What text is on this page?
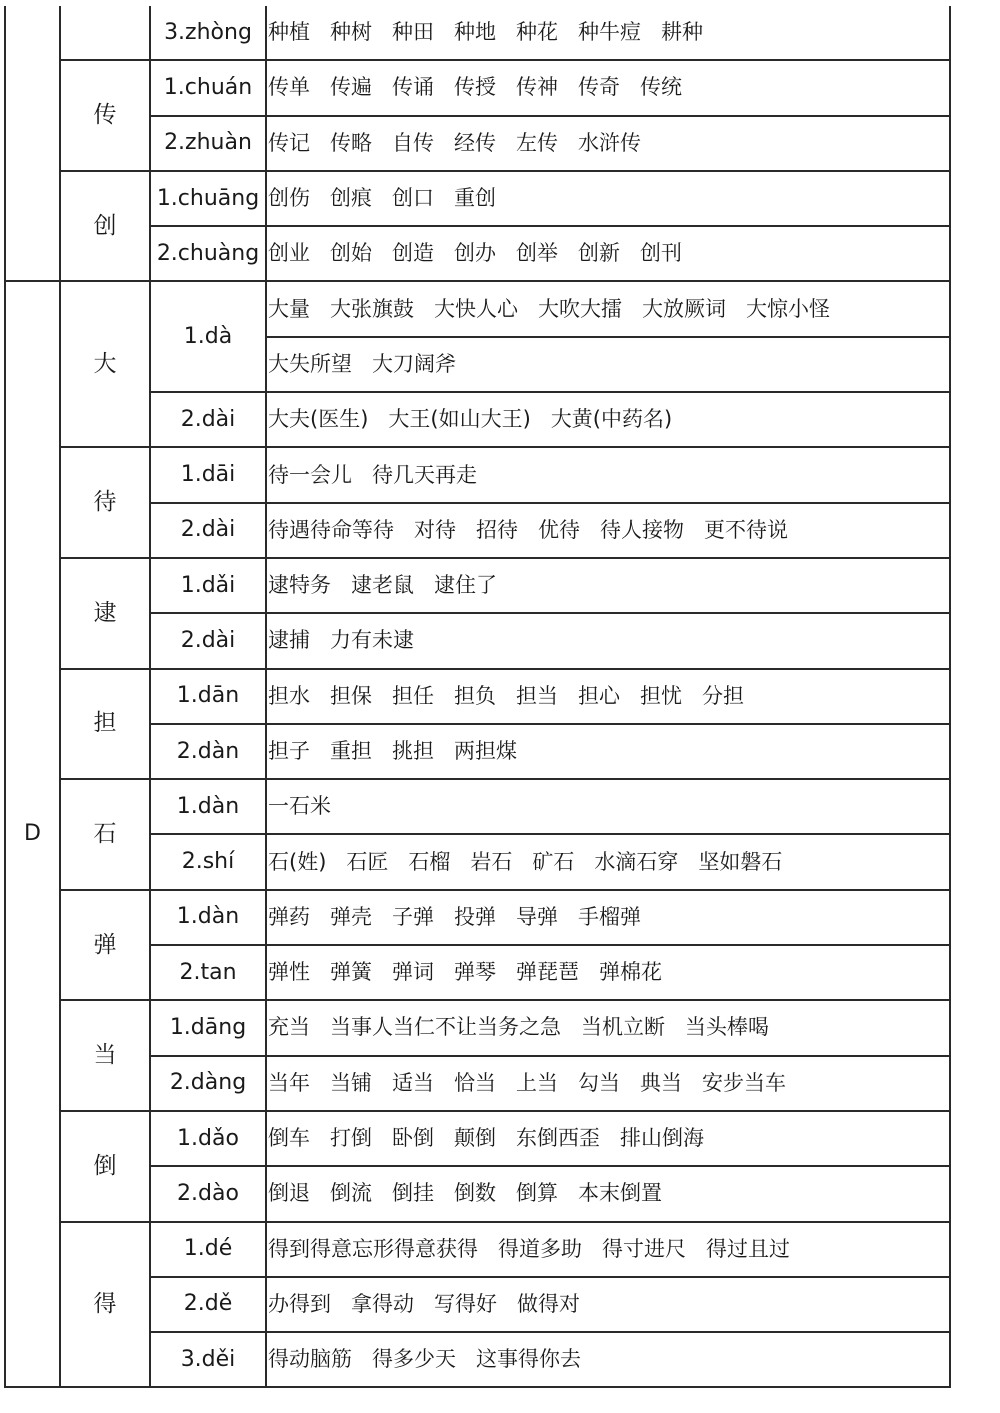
		3.zhòng	种植 种树 种田 种地 种花 种牛痘 耕种
	传	1.chuán	传单 传遍 传诵 传授 传神 传奇 传统
		2.zhuàn	传记 传略 自传 经传 左传 水浒传
	创	1.chuāng	创伤 创痕 创口 重创
		2.chuàng	创业 创始 创造 创办 创举 创新 创刊
D	大	1.dà	大量 大张旗鼓 大快人心 大吹大擂 大放厥词 大惊小怪
			大失所望 大刀阔斧
		2.dài	大夫(医生) 大王(如山大王) 大黄(中药名)
	待	1.dāi	待一会儿 待几天再走
		2.dài	待遇待命等待 对待 招待 优待 待人接物 更不待说
	逮	1.dǎi	逮特务 逮老鼠 逮住了
		2.dài	逮捕 力有未逮
	担	1.dān	担水 担保 担任 担负 担当 担心 担忧 分担
		2.dàn	担子 重担 挑担 两担煤
	石	1.dàn	一石米
		2.shí	石(姓) 石匠 石榴 岩石 矿石 水滴石穿 坚如磐石
	弹	1.dàn	弹药 弹壳 子弹 投弹 导弹 手榴弹
		2.tan	弹性 弹簧 弹词 弹琴 弹琵琶 弹棉花
	当	1.dāng	充当 当事人当仁不让当务之急 当机立断 当头棒喝
		2.dàng	当年 当铺 适当 恰当 上当 勾当 典当 安步当车
	倒	1.dǎo	倒车 打倒 卧倒 颠倒 东倒西歪 排山倒海
		2.dào	倒退 倒流 倒挂 倒数 倒算 本末倒置
	得	1.dé	得到得意忘形得意获得 得道多助 得寸进尺 得过且过
		2.dě	办得到 拿得动 写得好 做得对
		3.děi	得动脑筋 得多少天 这事得你去
